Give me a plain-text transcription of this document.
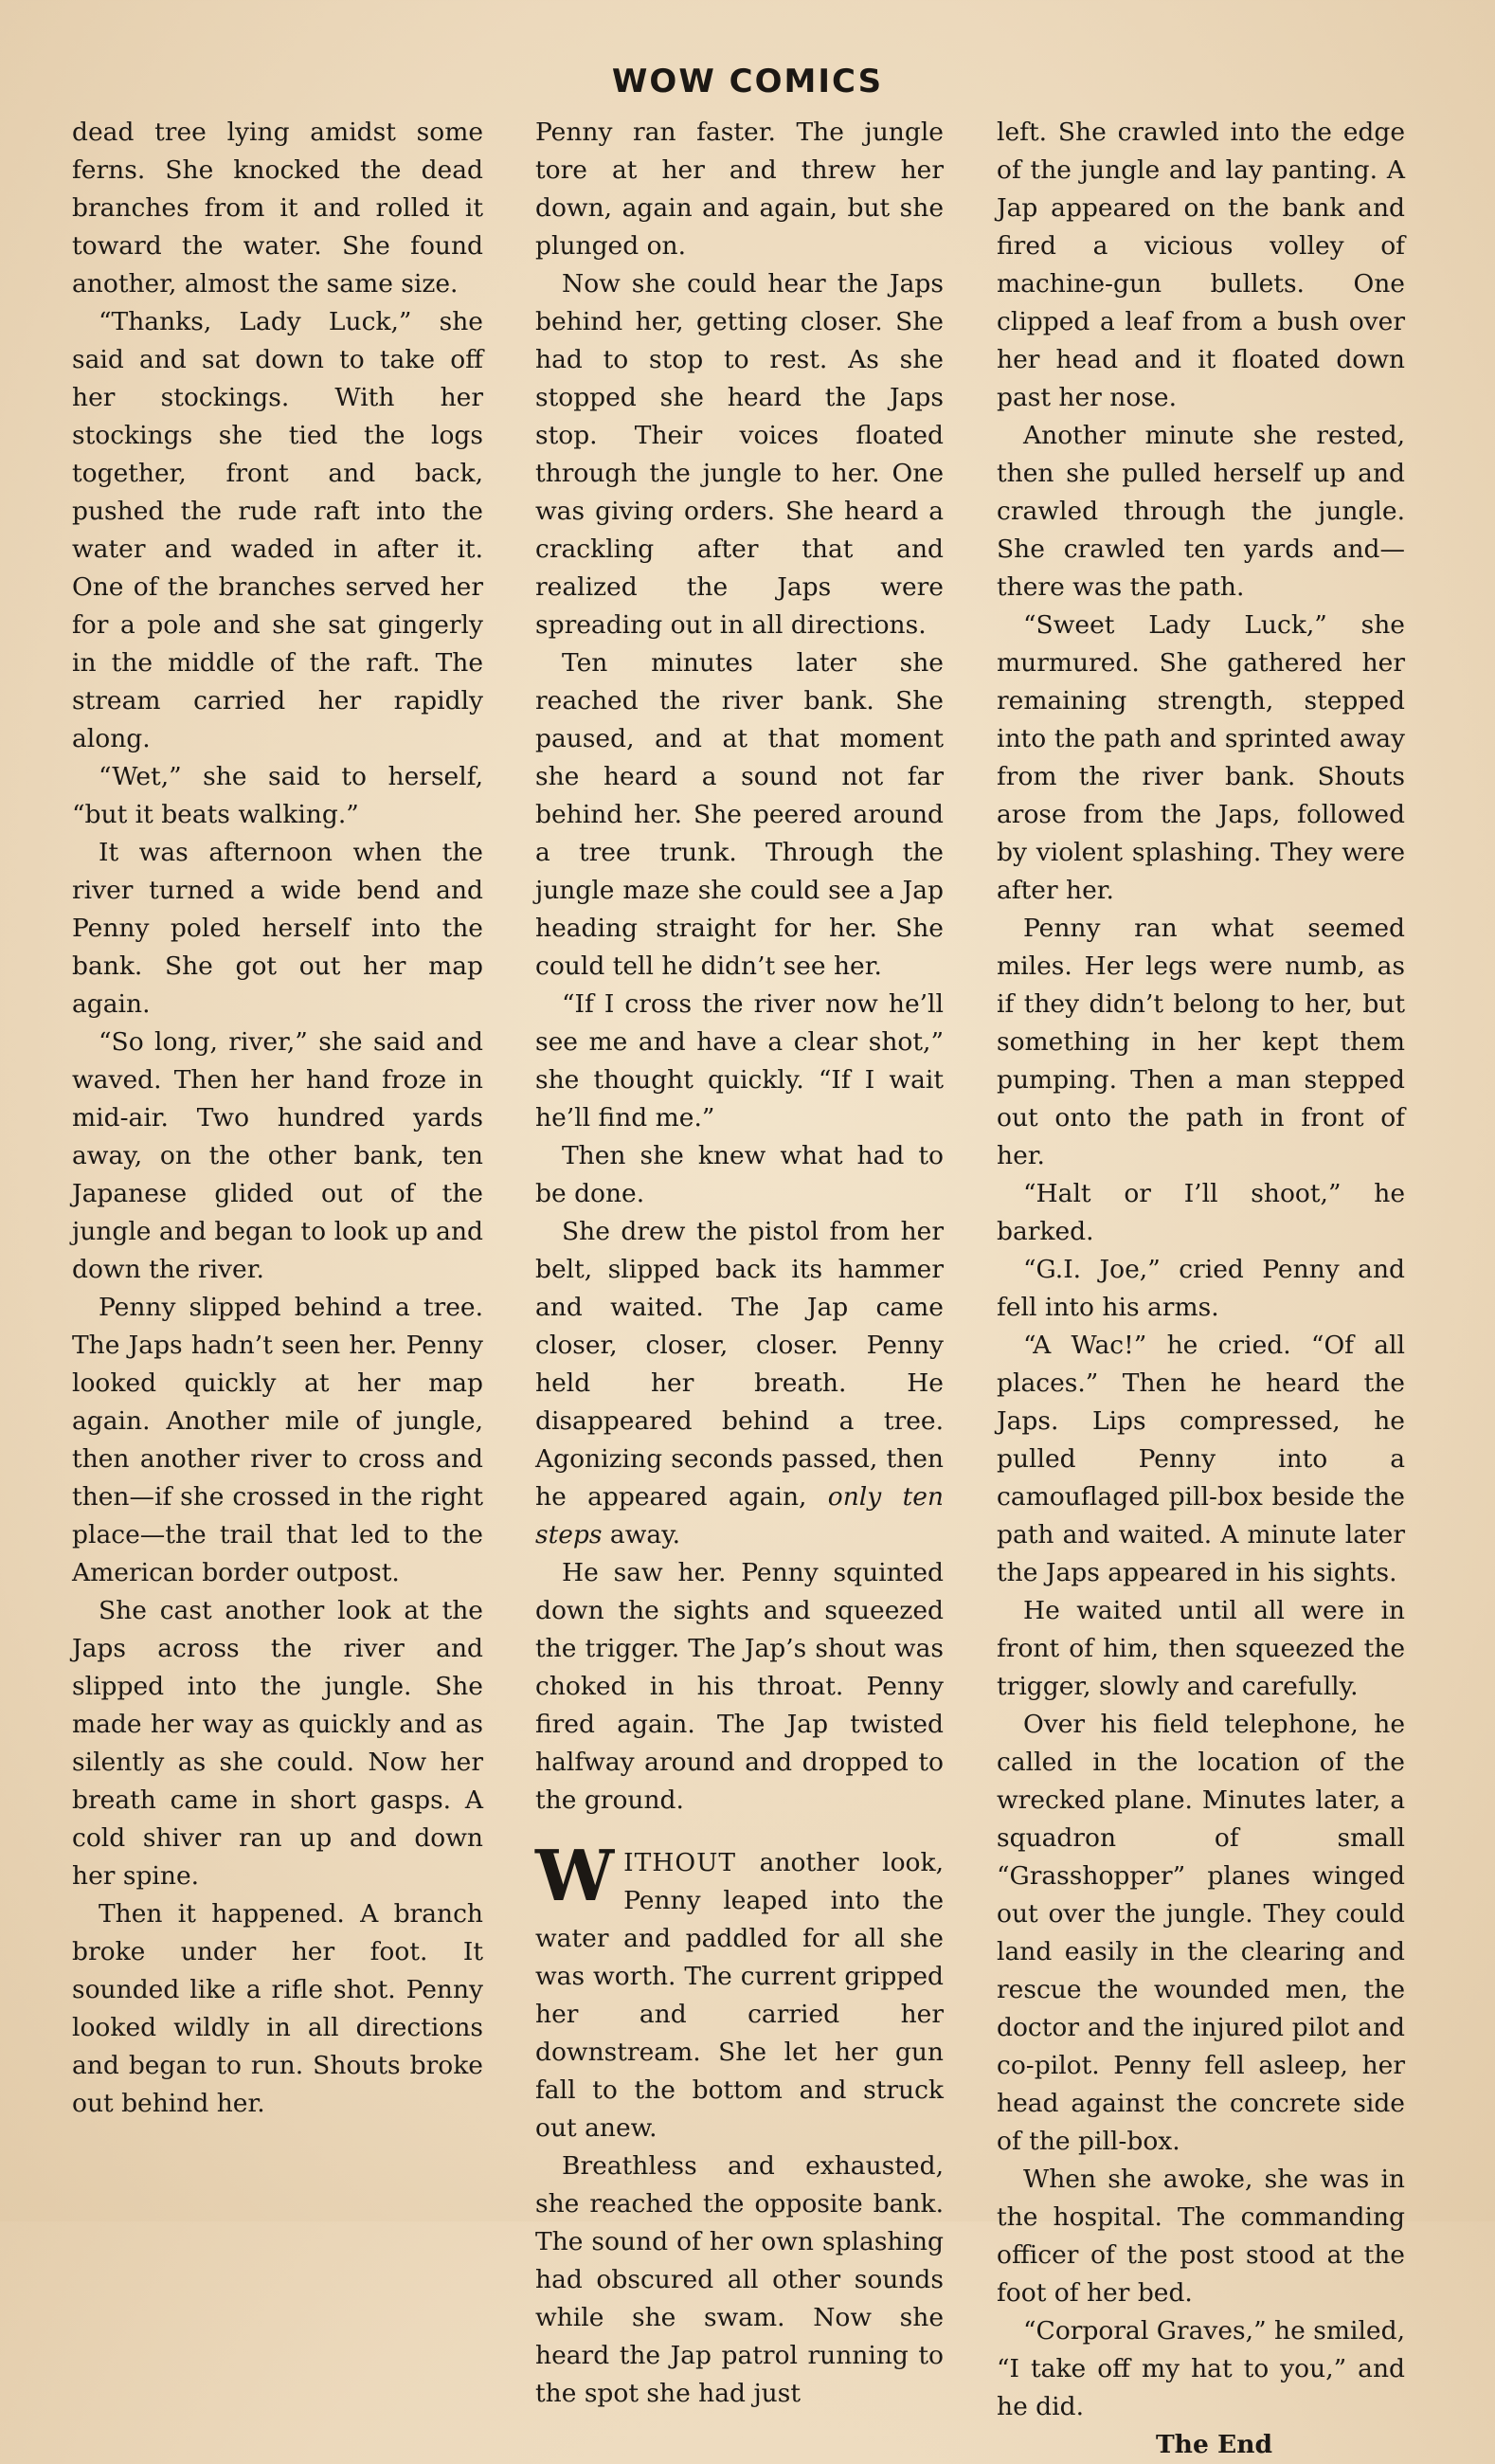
WOW COMICS

dead tree lying amidst some ferns. She knocked the dead branches from it and rolled it toward the water. She found another, almost the same size.

“Thanks, Lady Luck,” she said and sat down to take off her stockings. With her stockings she tied the logs together, front and back, pushed the rude raft into the water and waded in after it. One of the branches served her for a pole and she sat gingerly in the middle of the raft. The stream carried her rapidly along.

“Wet,” she said to herself, “but it beats walking.”

It was afternoon when the river turned a wide bend and Penny poled herself into the bank. She got out her map again.

“So long, river,” she said and waved. Then her hand froze in mid-air. Two hundred yards away, on the other bank, ten Japanese glided out of the jungle and began to look up and down the river.

Penny slipped behind a tree. The Japs hadn’t seen her. Penny looked quickly at her map again. Another mile of jungle, then another river to cross and then—if she crossed in the right place—the trail that led to the American border outpost.

She cast another look at the Japs across the river and slipped into the jungle. She made her way as quickly and as silently as she could. Now her breath came in short gasps. A cold shiver ran up and down her spine.

Then it happened. A branch broke under her foot. It sounded like a rifle shot. Penny looked wildly in all directions and began to run. Shouts broke out behind her.

Penny ran faster. The jungle tore at her and threw her down, again and again, but she plunged on.

Now she could hear the Japs behind her, getting closer. She had to stop to rest. As she stopped she heard the Japs stop. Their voices floated through the jungle to her. One was giving orders. She heard a crackling after that and realized the Japs were spreading out in all directions.

Ten minutes later she reached the river bank. She paused, and at that moment she heard a sound not far behind her. She peered around a tree trunk. Through the jungle maze she could see a Jap heading straight for her. She could tell he didn’t see her.

“If I cross the river now he’ll see me and have a clear shot,” she thought quickly. “If I wait he’ll find me.”

Then she knew what had to be done.

She drew the pistol from her belt, slipped back its hammer and waited. The Jap came closer, closer, closer. Penny held her breath. He disappeared behind a tree. Agonizing seconds passed, then he appeared again, only ten steps away.

He saw her. Penny squinted down the sights and squeezed the trigger. The Jap’s shout was choked in his throat. Penny fired again. The Jap twisted halfway around and dropped to the ground.

WITHOUT another look, Penny leaped into the water and paddled for all she was worth. The current gripped her and carried her downstream. She let her gun fall to the bottom and struck out anew.

Breathless and exhausted, she reached the opposite bank. The sound of her own splashing had obscured all other sounds while she swam. Now she heard the Jap patrol running to the spot she had just

left. She crawled into the edge of the jungle and lay panting. A Jap appeared on the bank and fired a vicious volley of machine-gun bullets. One clipped a leaf from a bush over her head and it floated down past her nose.

Another minute she rested, then she pulled herself up and crawled through the jungle. She crawled ten yards and—there was the path.

“Sweet Lady Luck,” she murmured. She gathered her remaining strength, stepped into the path and sprinted away from the river bank. Shouts arose from the Japs, followed by violent splashing. They were after her.

Penny ran what seemed miles. Her legs were numb, as if they didn’t belong to her, but something in her kept them pumping. Then a man stepped out onto the path in front of her.

“Halt or I’ll shoot,” he barked.

“G.I. Joe,” cried Penny and fell into his arms.

“A Wac!” he cried. “Of all places.” Then he heard the Japs. Lips compressed, he pulled Penny into a camouflaged pill-box beside the path and waited. A minute later the Japs appeared in his sights.

He waited until all were in front of him, then squeezed the trigger, slowly and carefully.

Over his field telephone, he called in the location of the wrecked plane. Minutes later, a squadron of small “Grasshopper” planes winged out over the jungle. They could land easily in the clearing and rescue the wounded men, the doctor and the injured pilot and co-pilot. Penny fell asleep, her head against the concrete side of the pill-box.

When she awoke, she was in the hospital. The commanding officer of the post stood at the foot of her bed.

“Corporal Graves,” he smiled, “I take off my hat to you,” and he did.

The End
